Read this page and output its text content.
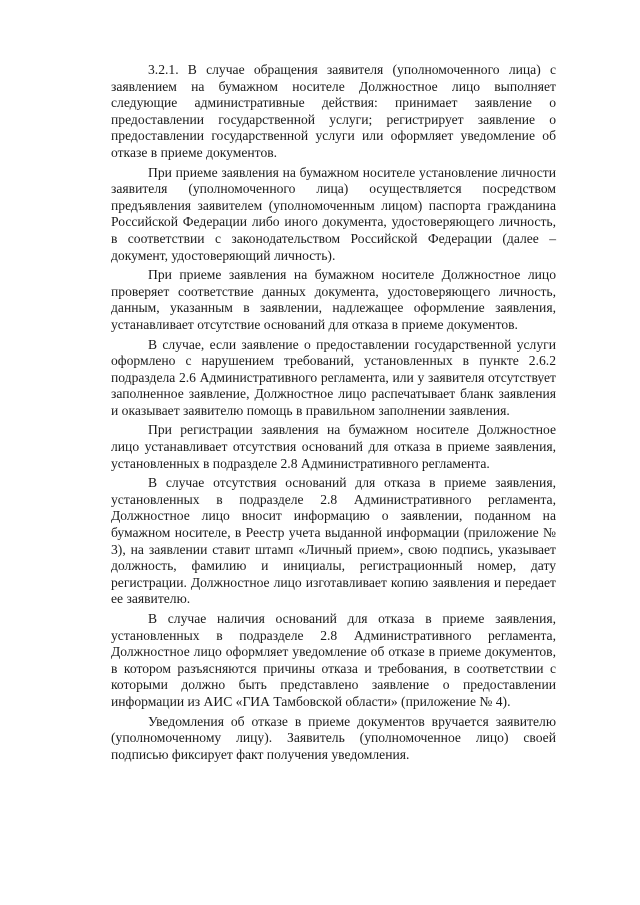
3.2.1. В случае обращения заявителя (уполномоченного лица) с заявлением на бумажном носителе Должностное лицо выполняет следующие административные действия: принимает заявление о предоставлении государственной услуги; регистрирует заявление о предоставлении государственной услуги или оформляет уведомление об отказе в приеме документов.

При приеме заявления на бумажном носителе установление личности заявителя (уполномоченного лица) осуществляется посредством предъявления заявителем (уполномоченным лицом) паспорта гражданина Российской Федерации либо иного документа, удостоверяющего личность, в соответствии с законодательством Российской Федерации (далее – документ, удостоверяющий личность).

При приеме заявления на бумажном носителе Должностное лицо проверяет соответствие данных документа, удостоверяющего личность, данным, указанным в заявлении, надлежащее оформление заявления, устанавливает отсутствие оснований для отказа в приеме документов.

В случае, если заявление о предоставлении государственной услуги оформлено с нарушением требований, установленных в пункте 2.6.2 подраздела 2.6 Административного регламента, или у заявителя отсутствует заполненное заявление, Должностное лицо распечатывает бланк заявления и оказывает заявителю помощь в правильном заполнении заявления.

При регистрации заявления на бумажном носителе Должностное лицо устанавливает отсутствия оснований для отказа в приеме заявления, установленных в подразделе 2.8 Административного регламента.

В случае отсутствия оснований для отказа в приеме заявления, установленных в подразделе 2.8 Административного регламента, Должностное лицо вносит информацию о заявлении, поданном на бумажном носителе, в Реестр учета выданной информации (приложение № 3), на заявлении ставит штамп «Личный прием», свою подпись, указывает должность, фамилию и инициалы, регистрационный номер, дату регистрации. Должностное лицо изготавливает копию заявления и передает ее заявителю.

В случае наличия оснований для отказа в приеме заявления, установленных в подразделе 2.8 Административного регламента, Должностное лицо оформляет уведомление об отказе в приеме документов, в котором разъясняются причины отказа и требования, в соответствии с которыми должно быть представлено заявление о предоставлении информации из АИС «ГИА Тамбовской области» (приложение № 4).

Уведомления об отказе в приеме документов вручается заявителю (уполномоченному лицу). Заявитель (уполномоченное лицо) своей подписью фиксирует факт получения уведомления.
